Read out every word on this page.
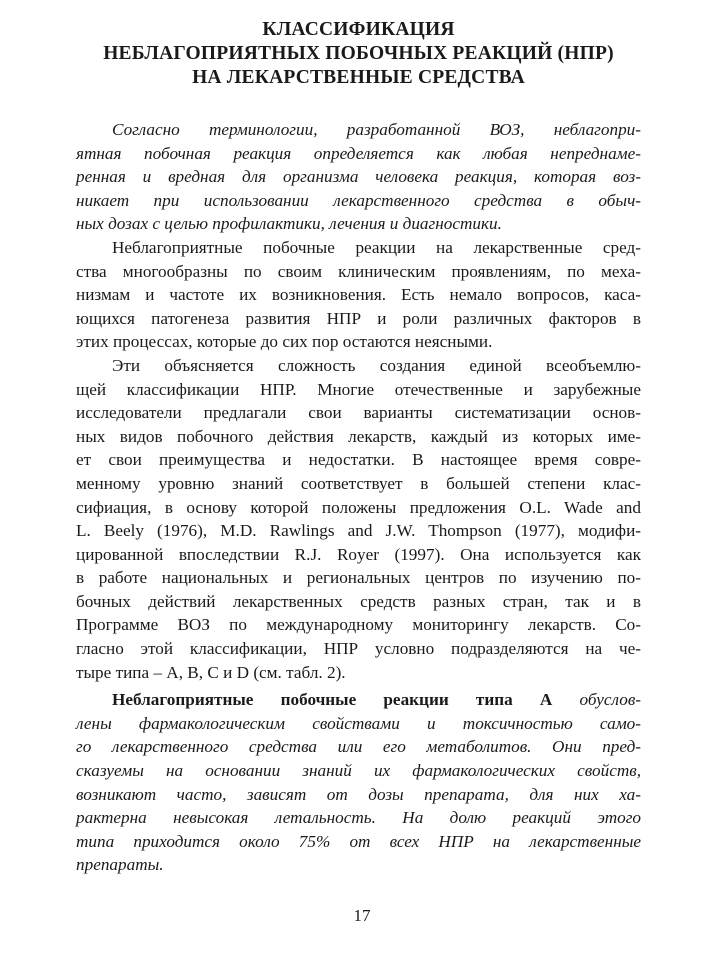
КЛАССИФИКАЦИЯ
НЕБЛАГОПРИЯТНЫХ ПОБОЧНЫХ РЕАКЦИЙ (НПР)
НА ЛЕКАРСТВЕННЫЕ СРЕДСТВА
Согласно терминологии, разработанной ВОЗ, неблагопри-
ятная побочная реакция определяется как любая непреднаме-
ренная и вредная для организма человека реакция, которая воз-
никает при использовании лекарственного средства в обыч-
ных дозах с целью профилактики, лечения и диагностики.
Неблагоприятные побочные реакции на лекарственные сред-
ства многообразны по своим клиническим проявлениям, по меха-
низмам и частоте их возникновения. Есть немало вопросов, каса-
ющихся патогенеза развития НПР и роли различных факторов в
этих процессах, которые до сих пор остаются неясными.
Эти объясняется сложность создания единой всеобъемлю-
щей классификации НПР. Многие отечественные и зарубежные
исследователи предлагали свои варианты систематизации основ-
ных видов побочного действия лекарств, каждый из которых име-
ет свои преимущества и недостатки. В настоящее время совре-
менному уровню знаний соответствует в большей степени клас-
сифиация, в основу которой положены предложения O.L. Wade and
L. Beely (1976), M.D. Rawlings and J.W. Thompson (1977), модифи-
цированной впоследствии R.J. Royer (1997). Она используется как
в работе национальных и региональных центров по изучению по-
бочных действий лекарственных средств разных стран, так и в
Программе ВОЗ по международному мониторингу лекарств. Со-
гласно этой классификации, НПР условно подразделяются на че-
тыре типа – А, В, С и D (см. табл. 2).
Неблагоприятные побочные реакции типа А обуслов-
лены фармакологическим свойствами и токсичностью само-
го лекарственного средства или его метаболитов. Они пред-
сказуемы на основании знаний их фармакологических свойств,
возникают часто, зависят от дозы препарата, для них ха-
рактерна невысокая летальность. На долю реакций этого
типа приходится около 75% от всех НПР на лекарственные
препараты.
17
